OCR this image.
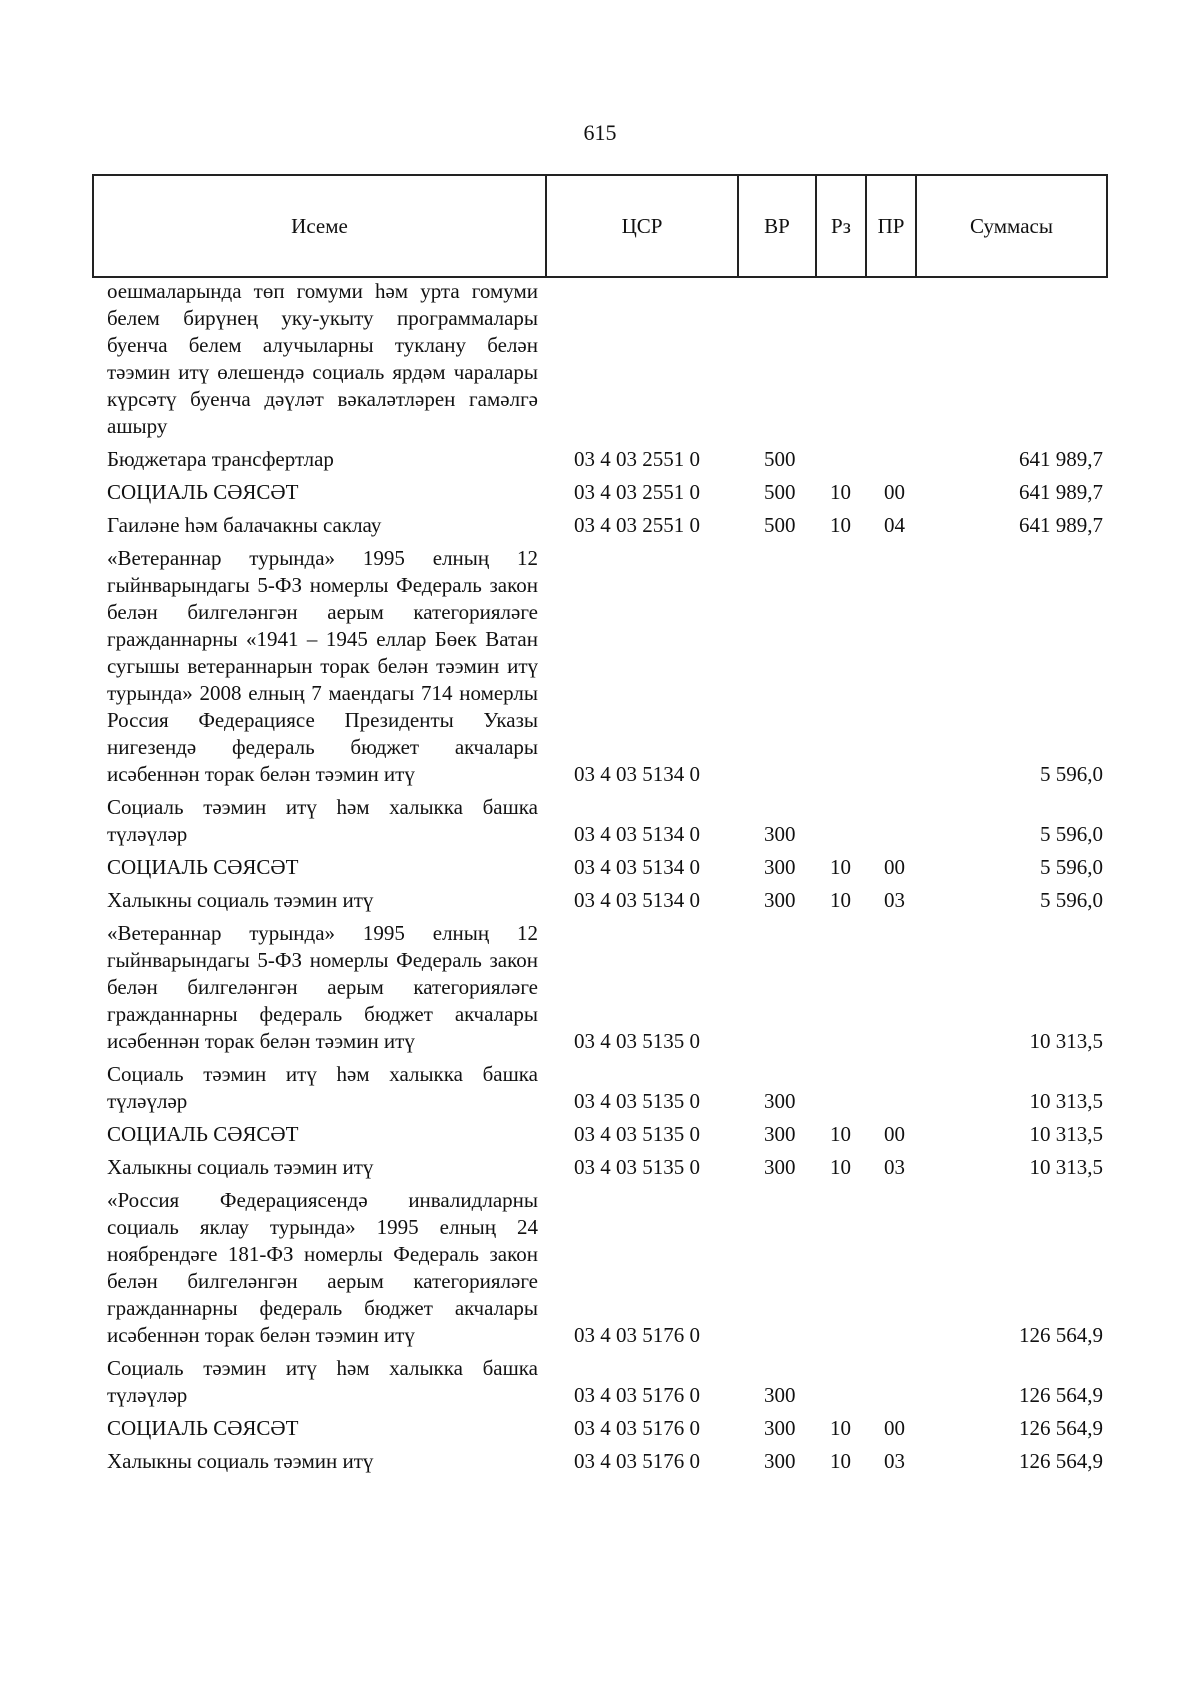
615
Исеме	ЦСР	ВР	Рз	ПР	Суммасы
оешмаларында төп гомуми һәм урта гомуми белем бирүнең уку-укыту программалары буенча белем алучыларны туклану белән тәэмин итү өлешендә социаль ярдәм чаралары күрсәтү буенча дәүләт вәкаләтләрен гамәлгә ашыру					
Бюджетара трансфертлар	03 4 03 2551 0	500			641 989,7
СОЦИАЛЬ СӘЯСӘТ	03 4 03 2551 0	500	10	00	641 989,7
Гаиләне һәм балачакны саклау	03 4 03 2551 0	500	10	04	641 989,7
«Ветераннар турында» 1995 елның 12 гыйнварындагы 5-ФЗ номерлы Федераль закон белән билгеләнгән аерым категорияләге гражданнарны «1941 – 1945 еллар Бөек Ватан сугышы ветераннарын торак белән тәэмин итү турында» 2008 елның 7 маендагы 714 номерлы Россия Федерациясе Президенты Указы нигезендә федераль бюджет акчалары исәбеннән торак белән тәэмин итү	03 4 03 5134 0				5 596,0
Социаль тәэмин итү һәм халыкка башка түләүләр	03 4 03 5134 0	300			5 596,0
СОЦИАЛЬ СӘЯСӘТ	03 4 03 5134 0	300	10	00	5 596,0
Халыкны социаль тәэмин итү	03 4 03 5134 0	300	10	03	5 596,0
«Ветераннар турында» 1995 елның 12 гыйнварындагы 5-ФЗ номерлы Федераль закон белән билгеләнгән аерым категорияләге гражданнарны федераль бюджет акчалары исәбеннән торак белән тәэмин итү	03 4 03 5135 0				10 313,5
Социаль тәэмин итү һәм халыкка башка түләүләр	03 4 03 5135 0	300			10 313,5
СОЦИАЛЬ СӘЯСӘТ	03 4 03 5135 0	300	10	00	10 313,5
Халыкны социаль тәэмин итү	03 4 03 5135 0	300	10	03	10 313,5
«Россия Федерациясендә инвалидларны социаль яклау турында» 1995 елның 24 ноябрендәге 181-ФЗ номерлы Федераль закон белән билгеләнгән аерым категорияләге гражданнарны федераль бюджет акчалары исәбеннән торак белән тәэмин итү	03 4 03 5176 0				126 564,9
Социаль тәэмин итү һәм халыкка башка түләүләр	03 4 03 5176 0	300			126 564,9
СОЦИАЛЬ СӘЯСӘТ	03 4 03 5176 0	300	10	00	126 564,9
Халыкны социаль тәэмин итү	03 4 03 5176 0	300	10	03	126 564,9
